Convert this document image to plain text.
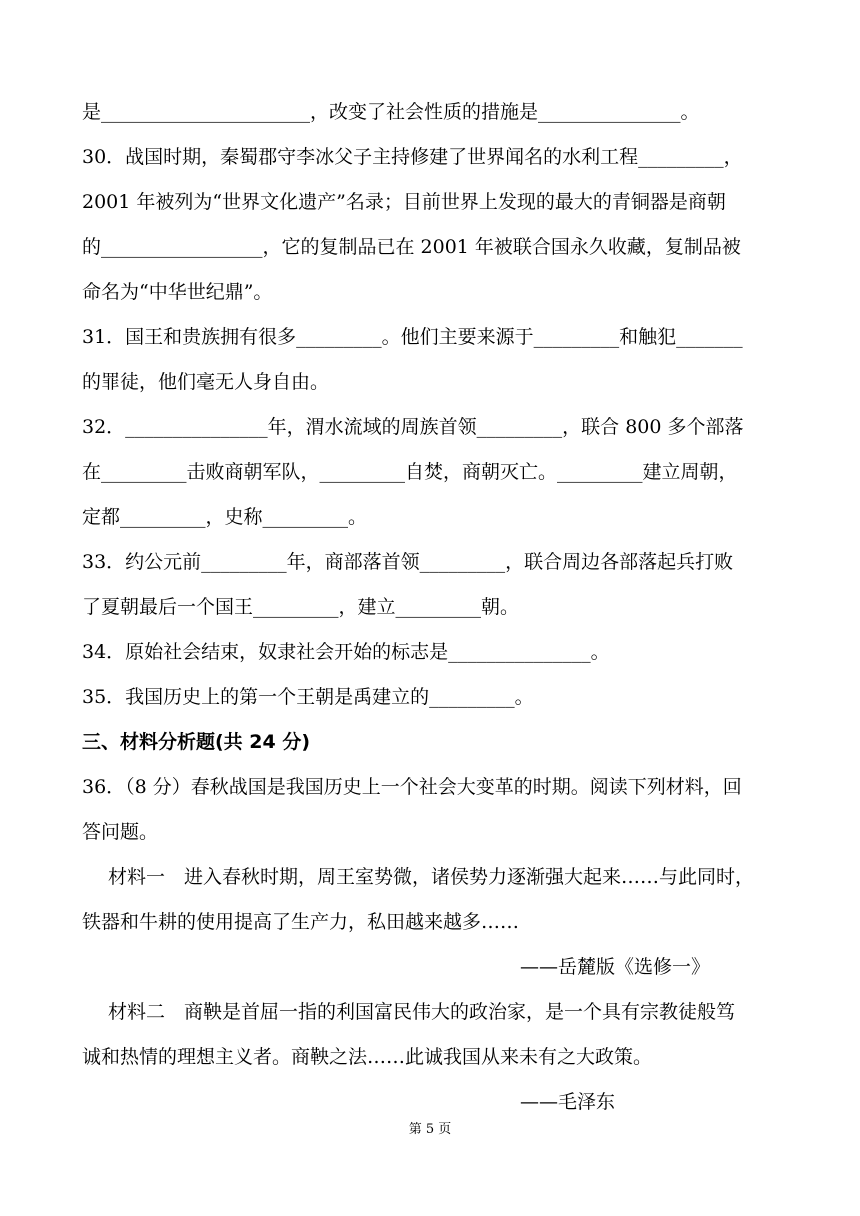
是______________________，改变了社会性质的措施是_______________。
30．战国时期，秦蜀郡守李冰父子主持修建了世界闻名的水利工程_________，
2001 年被列为“世界文化遗产”名录；目前世界上发现的最大的青铜器是商朝
的_________________，它的复制品已在 2001 年被联合国永久收藏，复制品被
命名为“中华世纪鼎”。
31．国王和贵族拥有很多_________。他们主要来源于_________和触犯_______
的罪徒，他们毫无人身自由。
32．_______________年，渭水流域的周族首领_________，联合 800 多个部落
在_________击败商朝军队，_________自焚，商朝灭亡。_________建立周朝，
定都_________，史称_________。
33．约公元前_________年，商部落首领_________，联合周边各部落起兵打败
了夏朝最后一个国王_________，建立_________朝。
34．原始社会结束，奴隶社会开始的标志是_______________。
35．我国历史上的第一个王朝是禹建立的_________。
三、材料分析题(共 24 分)
36．（8 分）春秋战国是我国历史上一个社会大变革的时期。阅读下列材料，回
答问题。
材料一　进入春秋时期，周王室势微，诸侯势力逐渐强大起来……与此同时，
铁器和牛耕的使用提高了生产力，私田越来越多……
——岳麓版《选修一》
材料二　商鞅是首屈一指的利国富民伟大的政治家，是一个具有宗教徒般笃
诚和热情的理想主义者。商鞅之法……此诚我国从来未有之大政策。
——毛泽东
第 5 页
